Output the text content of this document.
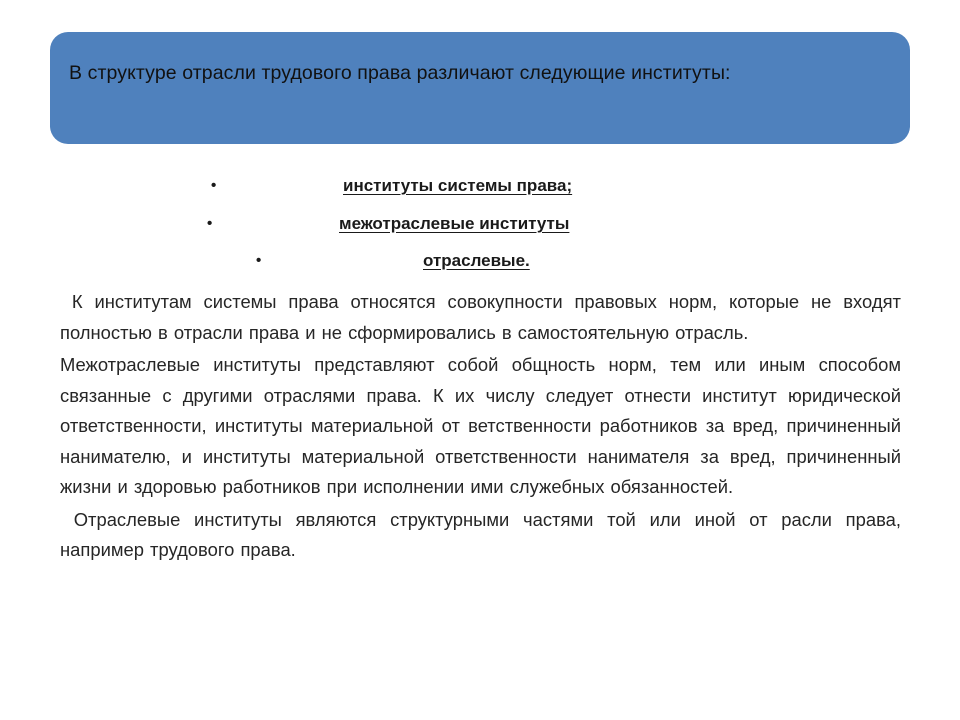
В структуре отрасли трудового права различают следующие институты:
•	институты системы права;
•	межотраслевые институты
•	отраслевые.

К институтам системы права относятся совокупности правовых норм, которые не входят полностью в отрасли права и не сформировались в самостоятельную отрасль.

Межотраслевые институты представляют собой общность норм, тем или иным способом связанные с другими отраслями права. К их числу следует отнести институт юридической ответственности, институты материальной от ветственности работников за вред, причиненный нанимателю, и институты материальной ответственности нанимателя за вред, причиненный жизни и здоровью работников при исполнении ими служебных обязанностей.

Отраслевые институты являются структурными частями той или иной от расли права, например трудового права.
